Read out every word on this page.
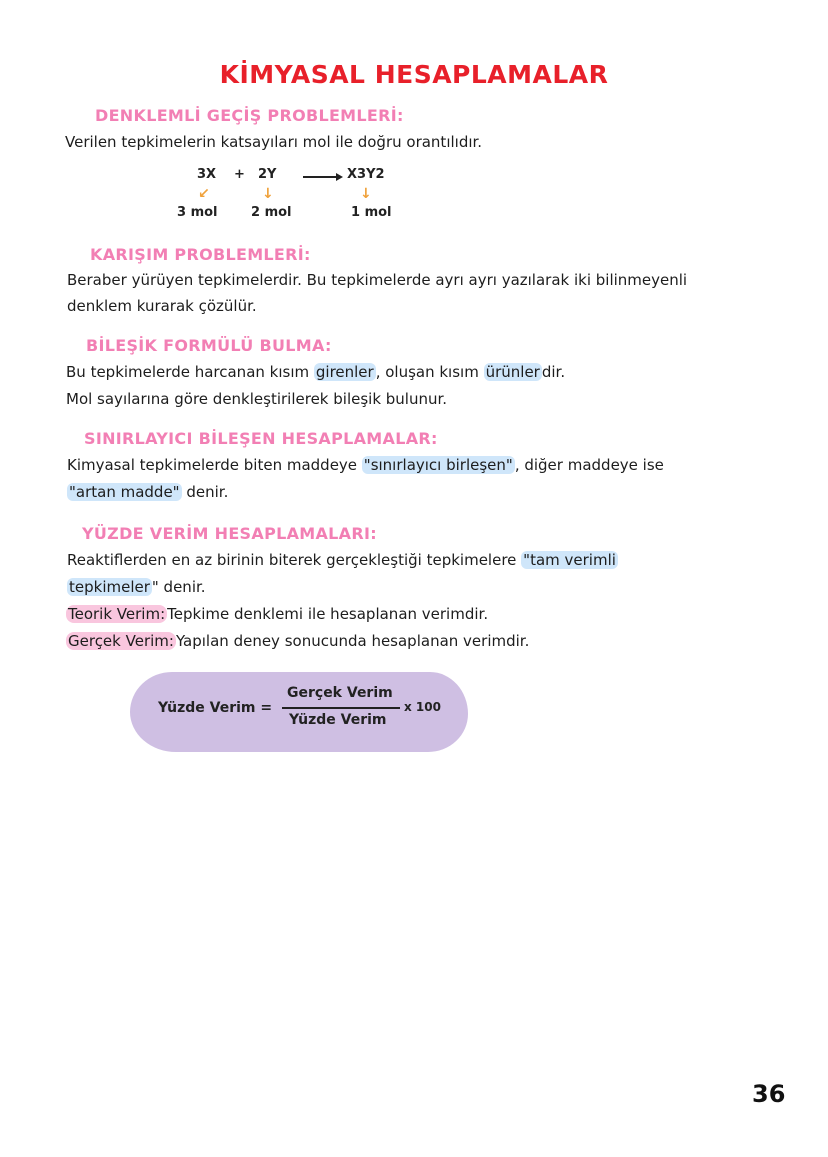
KİMYASAL HESAPLAMALAR
DENKLEMLİ GEÇİŞ PROBLEMLERİ:
Verilen tepkimelerin katsayıları mol ile doğru orantılıdır.
3X + 2Y	X3Y2
↙	↓	↓
3 mol	2 mol	1 mol
KARIŞIM PROBLEMLERİ:
Beraber yürüyen tepkimelerdir. Bu tepkimelerde ayrı ayrı yazılarak iki bilinmeyenli
denklem kurarak çözülür.
BİLEŞİK FORMÜLÜ BULMA:
Bu tepkimelerde harcanan kısım girenler , oluşan kısım ürünler dir.
Mol sayılarına göre denkleştirilerek bileşik bulunur.
SINIRLAYICI BİLEŞEN HESAPLAMALAR:
Kimyasal tepkimelerde biten maddeye "sınırlayıcı birleşen" , diğer maddeye ise
"artan madde" denir.
YÜZDE VERİM HESAPLAMALARI:
Reaktiflerden en az birinin biterek gerçekleştiği tepkimelere "tam verimli
tepkimeler " denir.
Teorik Verim: Tepkime denklemi ile hesaplanan verimdir.
Gerçek Verim: Yapılan deney sonucunda hesaplanan verimdir.
Yüzde Verim =
Gerçek Verim
Yüzde Verim
x 100
36
